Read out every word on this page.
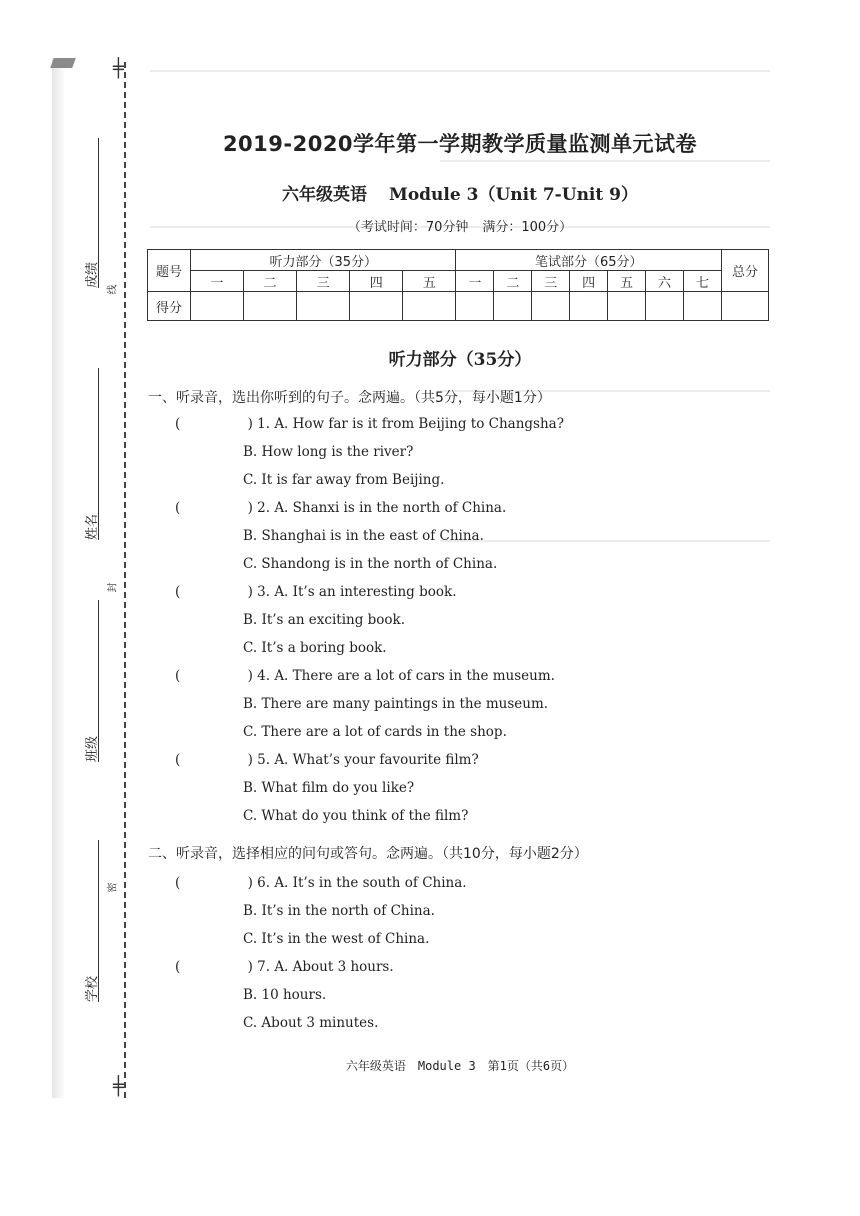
╪
╪
线
封
密
成绩
姓名
班级
学校
2019-2020学年第一学期教学质量监测单元试卷
六年级英语 Module 3（Unit 7-Unit 9）
（考试时间：70分钟 满分：100分）
题号	听力部分（35分）					笔试部分（65分）							总分
	一	二	三	四	五	一	二	三	四	五	六	七	
得分													
听力部分（35分）
一、听录音，选出你听到的句子。念两遍。（共5分，每小题1分）
(	) 1. A. How far is it from Beijing to Changsha?
B. How long is the river?
C. It is far away from Beijing.
(	) 2. A. Shanxi is in the north of China.
B. Shanghai is in the east of China.
C. Shandong is in the north of China.
(	) 3. A. It’s an interesting book.
B. It’s an exciting book.
C. It’s a boring book.
(	) 4. A. There are a lot of cars in the museum.
B. There are many paintings in the museum.
C. There are a lot of cards in the shop.
(	) 5. A. What’s your favourite film?
B. What film do you like?
C. What do you think of the film?
二、听录音，选择相应的问句或答句。念两遍。（共10分，每小题2分）
(	) 6. A. It’s in the south of China.
B. It’s in the north of China.
C. It’s in the west of China.
(	) 7. A. About 3 hours.
B. 10 hours.
C. About 3 minutes.
六年级英语　Module 3　第1页（共6页）
